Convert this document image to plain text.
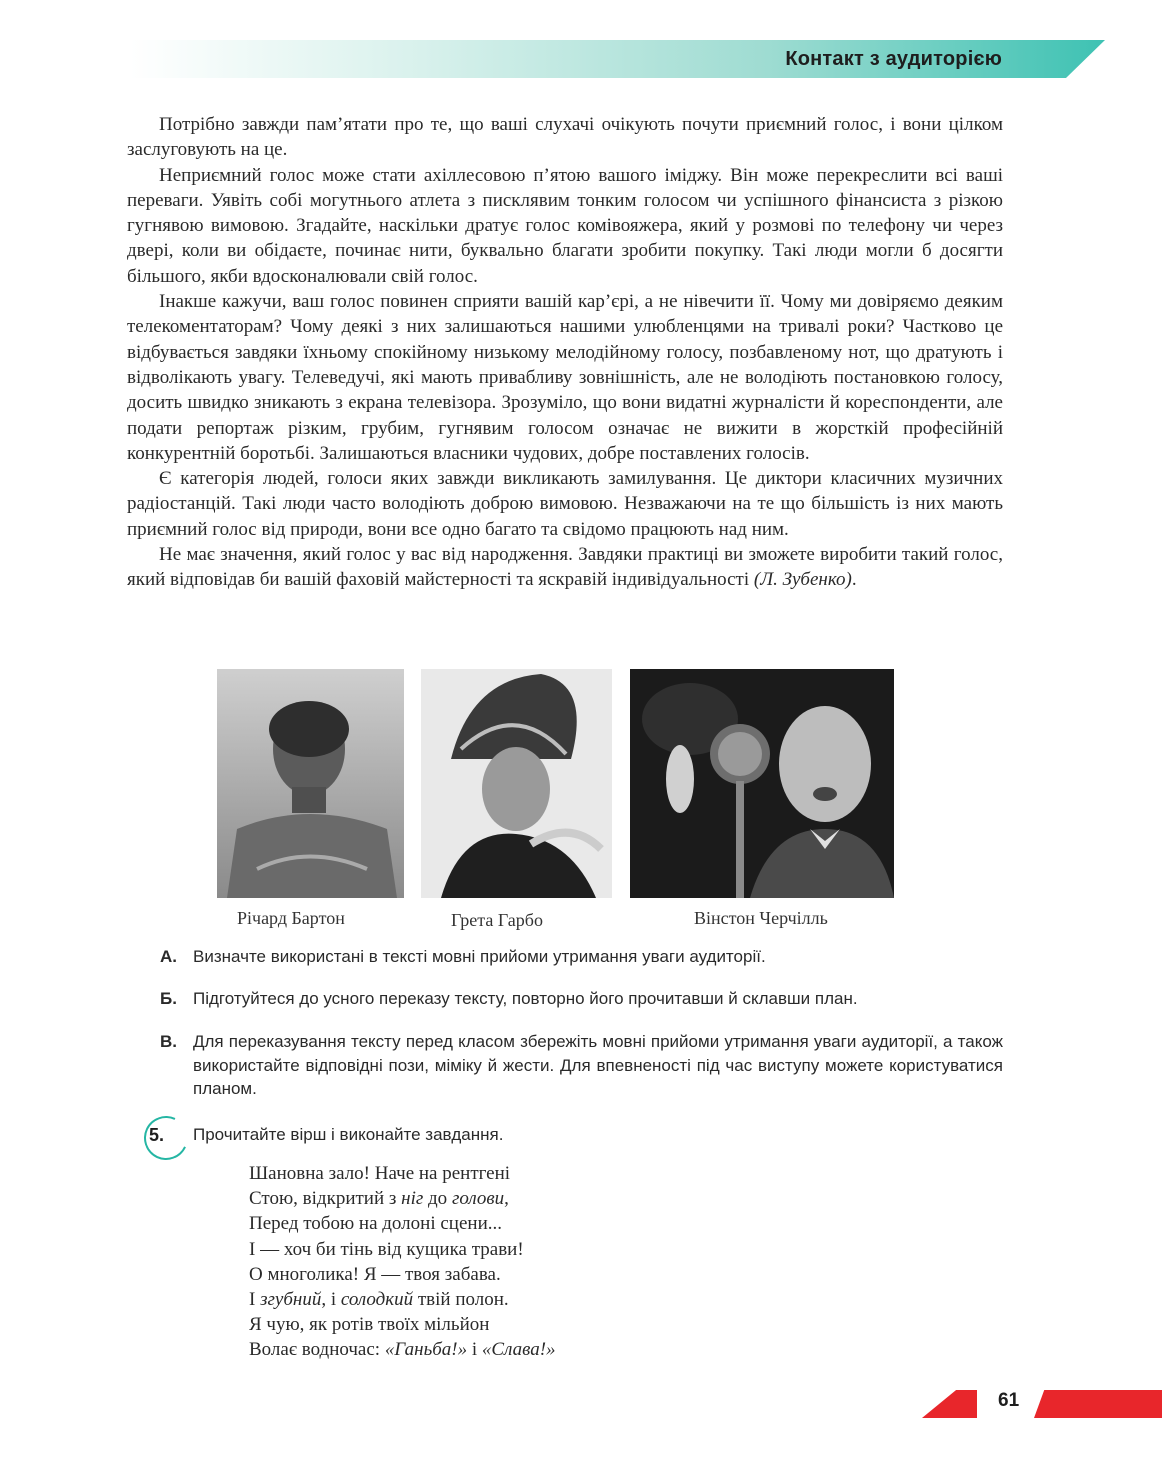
Контакт з аудиторією

Потрібно завжди пам’ятати про те, що ваші слухачі очікують почути приємний голос, і вони цілком заслуговують на це.

Неприємний голос може стати ахіллесовою п’ятою вашого іміджу. Він може перекреслити всі ваші переваги. Уявіть собі могутнього атлета з писклявим тонким голосом чи успішного фінансиста з різкою гугнявою вимовою. Згадайте, наскільки дратує голос комівояжера, який у розмові по телефону чи через двері, коли ви обідаєте, починає нити, буквально благати зробити покупку. Такі люди могли б досягти більшого, якби вдосконалювали свій голос.

Інакше кажучи, ваш голос повинен сприяти вашій кар’єрі, а не нівечити її. Чому ми довіряємо деяким телекоментаторам? Чому деякі з них залишаються нашими улюбленцями на тривалі роки? Частково це відбувається завдяки їхньому спокійному низькому мелодійному голосу, позбавленому нот, що дратують і відволікають увагу. Телеведучі, які мають привабливу зовнішність, але не володіють постановкою голосу, досить швидко зникають з екрана телевізора. Зрозуміло, що вони видатні журналісти й кореспонденти, але подати репортаж різким, грубим, гугнявим голосом означає не вижити в жорсткій професійній конкурентній боротьбі. Залишаються власники чудових, добре поставлених голосів.

Є категорія людей, голоси яких завжди викликають замилування. Це диктори класичних музичних радіостанцій. Такі люди часто володіють доброю вимовою. Незважаючи на те що більшість із них мають приємний голос від природи, вони все одно багато та свідомо працюють над ним.

Не має значення, який голос у вас від народження. Завдяки практиці ви зможете виробити такий голос, який відповідав би вашій фаховій майстерності та яскравій індивідуальності (Л. Зубенко).

Річард Бартон	Грета Гарбо	Вінстон Черчілль
А. Визначте використані в тексті мовні прийоми утримання уваги аудиторії.
Б. Підготуйтеся до усного переказу тексту, повторно його прочитавши й склавши план.
В. Для переказування тексту перед класом збережіть мовні прийоми утримання уваги аудиторії, а також використайте відповідні пози, міміку й жести. Для впевненості під час виступу можете користуватися планом.
5. Прочитайте вірш і виконайте завдання.
Шановна зало! Наче на рентгені
Стою, відкритий з ніг до голови,
Перед тобою на долоні сцени...
І — хоч би тінь від кущика трави!
О многолика! Я — твоя забава.
І згубний, і солодкий твій полон.
Я чую, як ротів твоїх мільйон
Волає водночас: «Ганьба!» і «Слава!»
61
